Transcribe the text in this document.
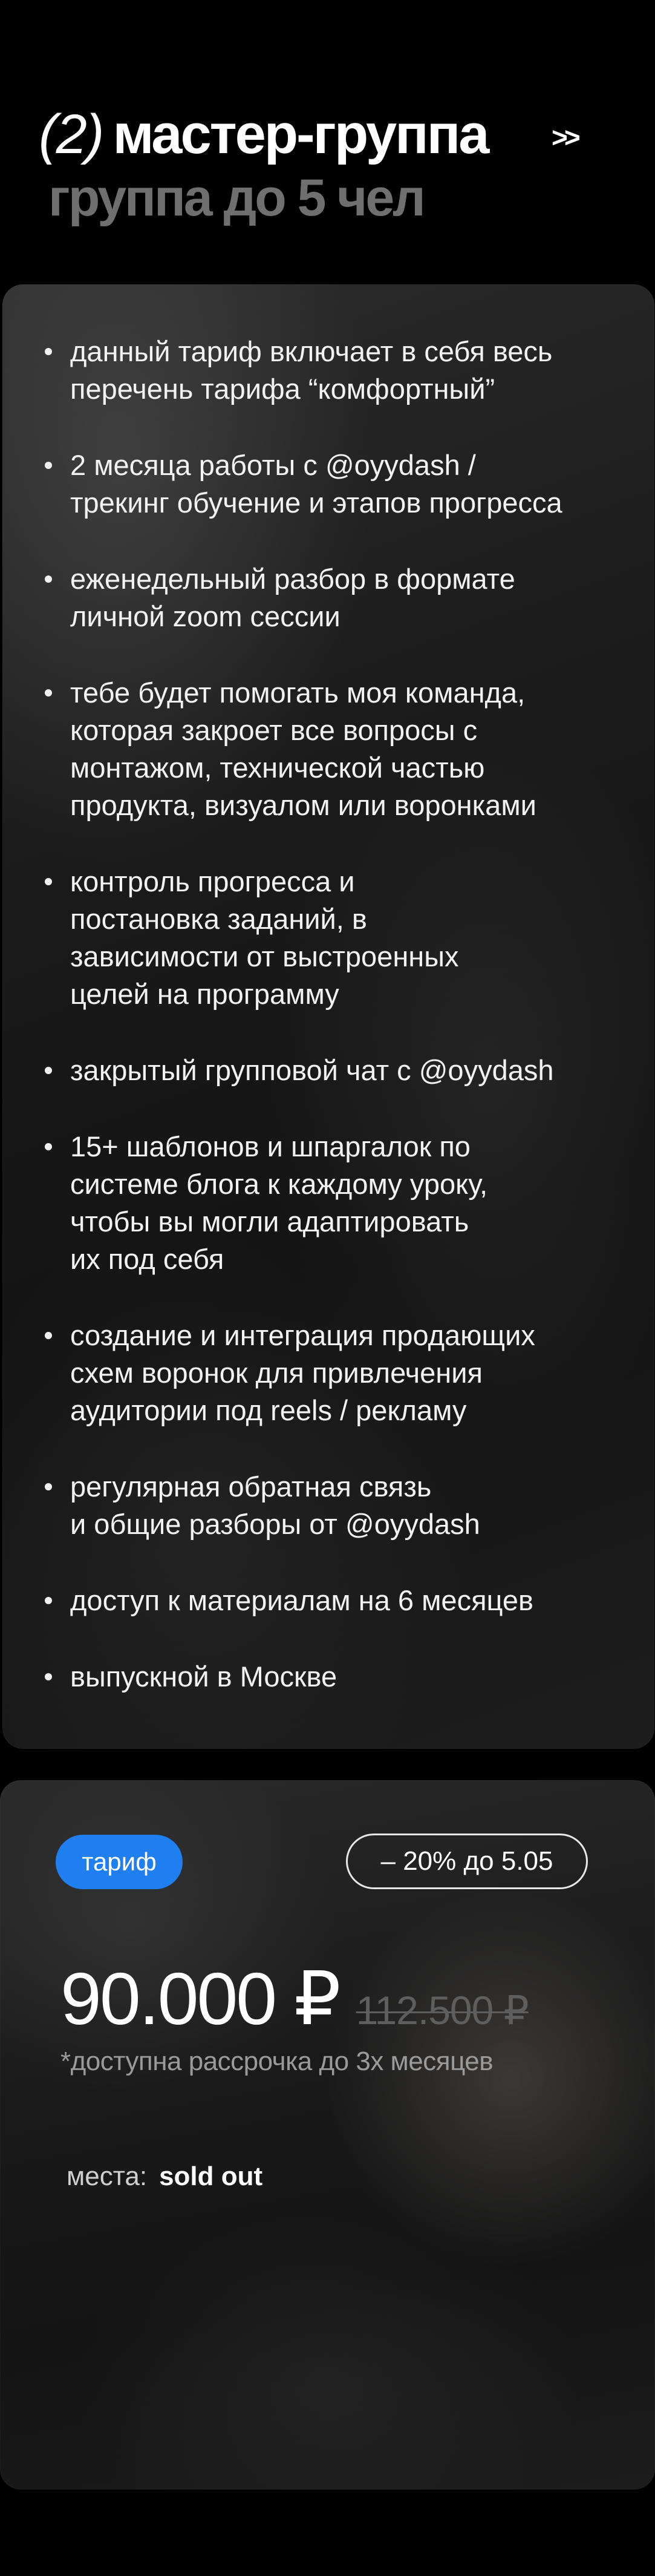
(2) мастер-группа >>
группа до 5 чел
данный тариф включает в себя весь
перечень тарифа “комфортный”
2 месяца работы с @oyydash /
трекинг обучение и этапов прогресса
еженедельный разбор в формате
личной zoom сессии
тебе будет помогать моя команда,
которая закроет все вопросы с
монтажом, технической частью
продукта, визуалом или воронками
контроль прогресса и
постановка заданий, в
зависимости от выстроенных
целей на программу
закрытый групповой чат с @oyydash
15+ шаблонов и шпаргалок по
системе блога к каждому уроку,
чтобы вы могли адаптировать
их под себя
создание и интеграция продающих
схем воронок для привлечения
аудитории под reels / рекламу
регулярная обратная связь
и общие разборы от @oyydash
доступ к материалам на 6 месяцев
выпускной в Москве
тариф	– 20% до 5.05
90.000 ₽ 112.500 ₽
*доступна рассрочка до 3х месяцев
места: sold out
